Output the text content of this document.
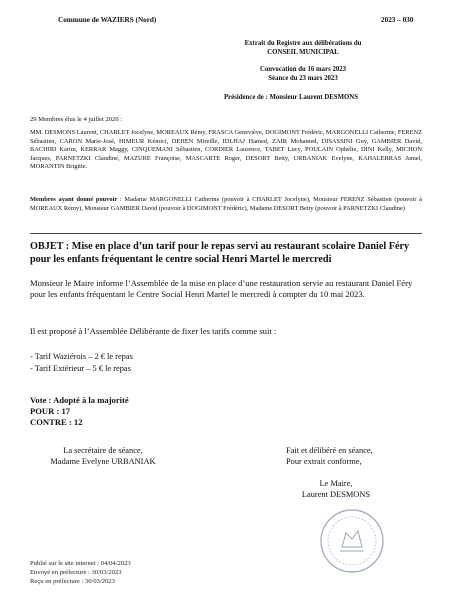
Commune de WAZIERS (Nord)	2023 – 030
Extrait du Registre aux délibérations du
CONSEIL MUNICIPAL
Convocation du 16 mars 2023
Séance du 23 mars 2023
Présidence de : Monsieur Laurent DESMONS
29 Membres élus le 4 juillet 2020 :
MM. DESMONS Laurent, CHARLET Jocelyne, MOREAUX Rémy, FRASCA Geneviève, DOGIMONT Frédéric, MARGONELLI Catherine, FERENZ Sébastien, CARON Marie-José, HIMEUR Kémici, DEHEN Mireille, IDLHAJ Hamed, ZAIR Mohamed, DISASSINI Guy, GAMBIER David, BACHIRI Karim, KERRAR Maggy, CINQUEMANI Sébastien, CORDIER Laurence, TABET Lucy, POULAIN Ophélie, DINI Kelly, MICHON Jacques, PARNETZKI Claudine, MAZURE Françoise, MASCARTE Roger, DESORT Betty, URBANIAK Evelyne, KAHALERRAS Jamel, MORANTIN Brigitte.
Membres ayant donné pouvoir : Madame MARGONELLI Catherine (pouvoir à CHARLET Jocelyne), Monsieur FERENZ Sébastien (pouvoir à MOREAUX Rémy), Monsieur GAMBIER David (pouvoir à DOGIMONT Frédéric), Madame DESORT Betty (pouvoir à PARNETZKI Claudine)
OBJET : Mise en place d’un tarif pour le repas servi au restaurant scolaire Daniel Féry pour les enfants fréquentant le centre social Henri Martel le mercredi
Monsieur le Maire informe l’Assemblée de la mise en place d’une restauration servie au restaurant Daniel Féry pour les enfants fréquentant le Centre Social Henri Martel le mercredi à compter du 10 mai 2023.
Il est proposé à l’Assemblée Délibérante de fixer les tarifs comme suit :
- Tarif Waziérois – 2 € le repas
- Tarif Extérieur – 5 € le repas
Vote : Adopté à la majorité
POUR : 17
CONTRE : 12
La secrétaire de séance,
Madame Evelyne URBANIAK
Fait et délibéré en séance,
Pour extrait conforme,
Le Maire,
Laurent DESMONS
Publié sur le site internet : 04/04/2023
Envoyé en préfecture : 30/03/2023
Reçu en préfecture : 30/03/2023
